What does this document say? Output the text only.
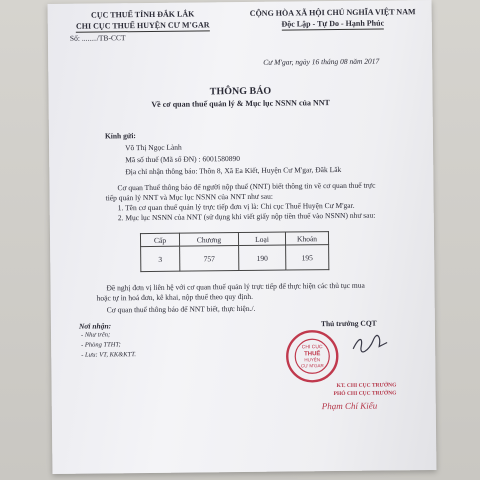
CỤC THUẾ TỈNH ĐẮK LẮK
CHI CỤC THUẾ HUYỆN CƯ M'GAR
Số: ......../TB-CCT
CỘNG HÒA XÃ HỘI CHỦ NGHĨA VIỆT NAM
Độc Lập - Tự Do - Hạnh Phúc
Cư M'gar, ngày 16 tháng 08 năm 2017
THÔNG BÁO
Về cơ quan thuế quản lý & Mục lục NSNN của NNT
Kính gửi:
Võ Thị Ngọc Lành
Mã số thuế (Mã số ĐN) : 6001580890
Địa chỉ nhận thông báo: Thôn 8, Xã Ea Kiết, Huyện Cư M'gar, Đăk Lăk
Cơ quan Thuế thông báo để người nộp thuế (NNT) biết thông tin về cơ quan thuế trực
tiếp quản lý NNT và Mục lục NSNN của NNT như sau:
1. Tên cơ quan thuế quản lý trực tiếp đơn vị là: Chi cục Thuế Huyện Cư M'gar.
2. Mục lục NSNN của NNT (sử dụng khi viết giấy nộp tiền thuế vào NSNN) như sau:
Cấp	Chương	Loại	Khoản
3	757	190	195
Đề nghị đơn vị liên hệ với cơ quan thuế quản lý trực tiếp để thực hiện các thủ tục mua
hoặc tự in hoá đơn, kê khai, nộp thuế theo quy định.
Cơ quan thuế thông báo để NNT biết, thực hiện./.
Nơi nhận:
- Như trên;
- Phòng TTHT;
- Lưu: VT, KK&KTT.
Thủ trưởng CQT
CHI CỤC
THUẾ
HUYỆN
CƯ M'GAR
KT. CHI CỤC TRƯỞNG
PHÓ CHI CỤC TRƯỞNG
Phạm Chí Kiểu
